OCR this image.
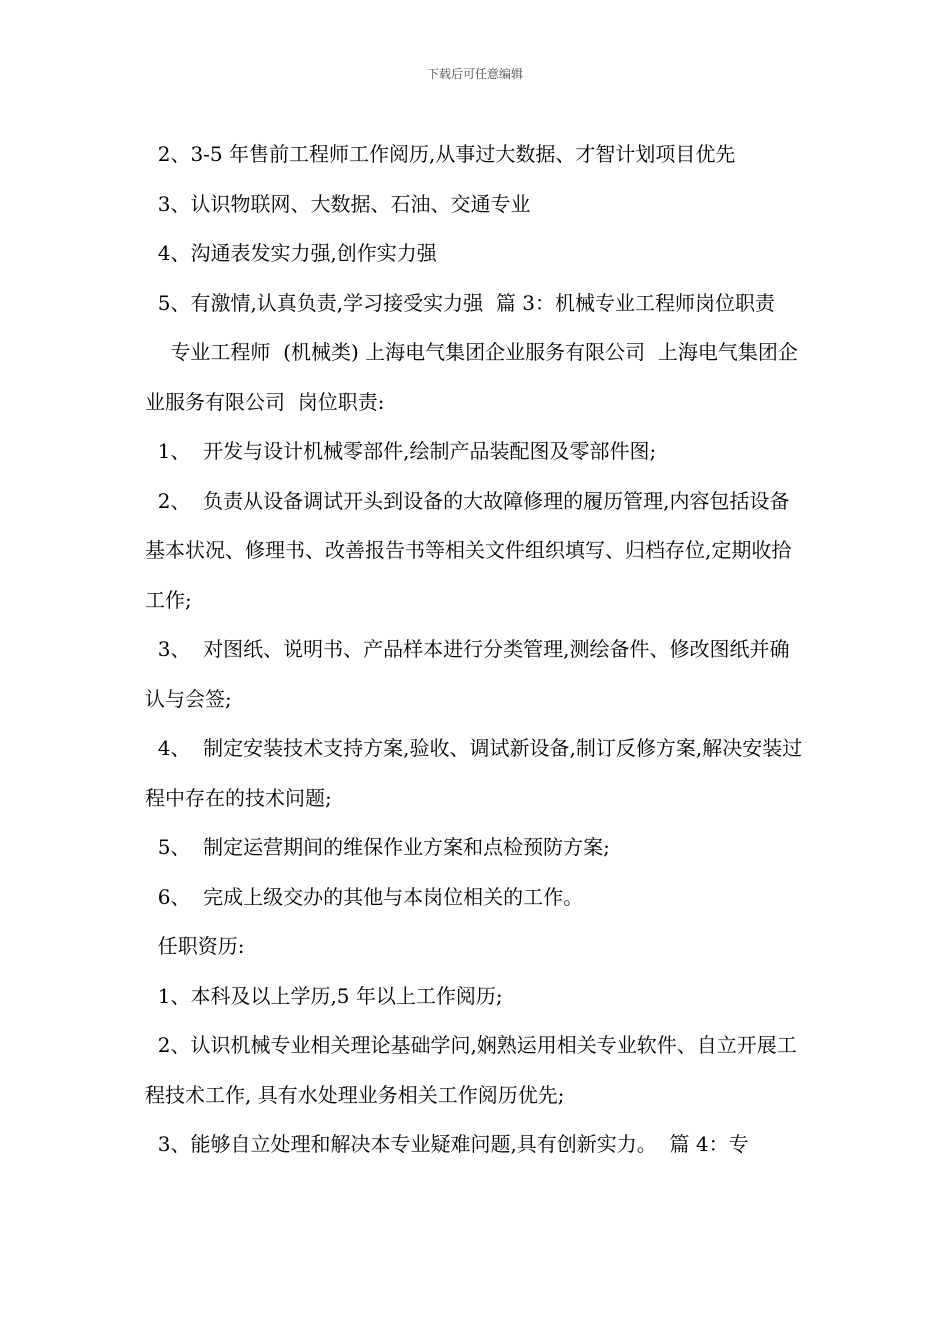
下载后可任意编辑

2、3-5 年售前工程师工作阅历,从事过大数据、才智计划项目优先

3、认识物联网、大数据、石油、交通专业

4、沟通表发实力强,创作实力强

5、有激情,认真负责,学习接受实力强  篇 3：机械专业工程师岗位职责

专业工程师  (机械类) 上海电气集团企业服务有限公司  上海电气集团企业服务有限公司  岗位职责:

1、  开发与设计机械零部件,绘制产品装配图及零部件图;

2、  负责从设备调试开头到设备的大故障修理的履历管理,内容包括设备基本状况、修理书、改善报告书等相关文件组织填写、归档存位,定期收拾工作;

3、  对图纸、说明书、产品样本进行分类管理,测绘备件、修改图纸并确认与会签;

4、  制定安装技术支持方案,验收、调试新设备,制订反修方案,解决安装过程中存在的技术问题;

5、  制定运营期间的维保作业方案和点检预防方案;

6、  完成上级交办的其他与本岗位相关的工作。

任职资历:

1、本科及以上学历,5 年以上工作阅历;

2、认识机械专业相关理论基础学问,娴熟运用相关专业软件、自立开展工程技术工作, 具有水处理业务相关工作阅历优先;

3、能够自立处理和解决本专业疑难问题,具有创新实力。  篇 4：专
